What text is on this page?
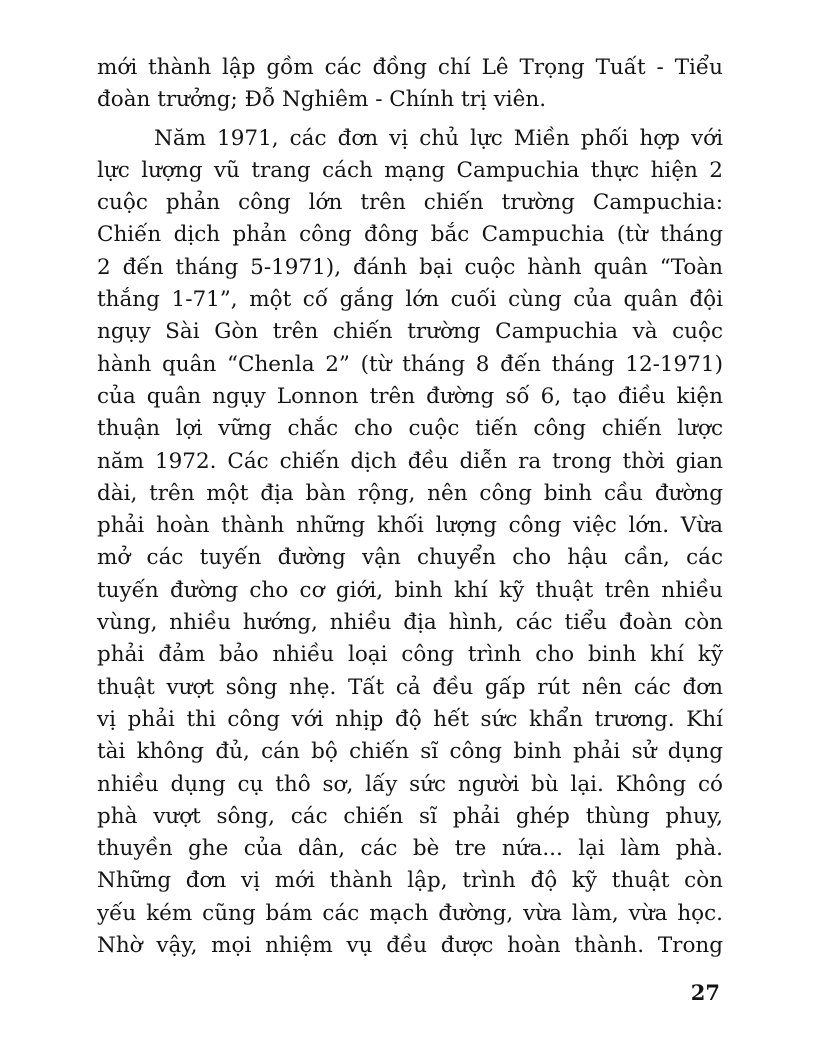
mới thành lập gồm các đồng chí Lê Trọng Tuất - Tiểu
đoàn trưởng; Đỗ Nghiêm - Chính trị viên.
Năm 1971, các đơn vị chủ lực Miền phối hợp với
lực lượng vũ trang cách mạng Campuchia thực hiện 2
cuộc phản công lớn trên chiến trường Campuchia:
Chiến dịch phản công đông bắc Campuchia (từ tháng
2 đến tháng 5-1971), đánh bại cuộc hành quân “Toàn
thắng 1-71”, một cố gắng lớn cuối cùng của quân đội
ngụy Sài Gòn trên chiến trường Campuchia và cuộc
hành quân “Chenla 2” (từ tháng 8 đến tháng 12-1971)
của quân ngụy Lonnon trên đường số 6, tạo điều kiện
thuận lợi vững chắc cho cuộc tiến công chiến lược
năm 1972. Các chiến dịch đều diễn ra trong thời gian
dài, trên một địa bàn rộng, nên công binh cầu đường
phải hoàn thành những khối lượng công việc lớn. Vừa
mở các tuyến đường vận chuyển cho hậu cần, các
tuyến đường cho cơ giới, binh khí kỹ thuật trên nhiều
vùng, nhiều hướng, nhiều địa hình, các tiểu đoàn còn
phải đảm bảo nhiều loại công trình cho binh khí kỹ
thuật vượt sông nhẹ. Tất cả đều gấp rút nên các đơn
vị phải thi công với nhịp độ hết sức khẩn trương. Khí
tài không đủ, cán bộ chiến sĩ công binh phải sử dụng
nhiều dụng cụ thô sơ, lấy sức người bù lại. Không có
phà vượt sông, các chiến sĩ phải ghép thùng phuy,
thuyền ghe của dân, các bè tre nứa... lại làm phà.
Những đơn vị mới thành lập, trình độ kỹ thuật còn
yếu kém cũng bám các mạch đường, vừa làm, vừa học.
Nhờ vậy, mọi nhiệm vụ đều được hoàn thành. Trong
27
